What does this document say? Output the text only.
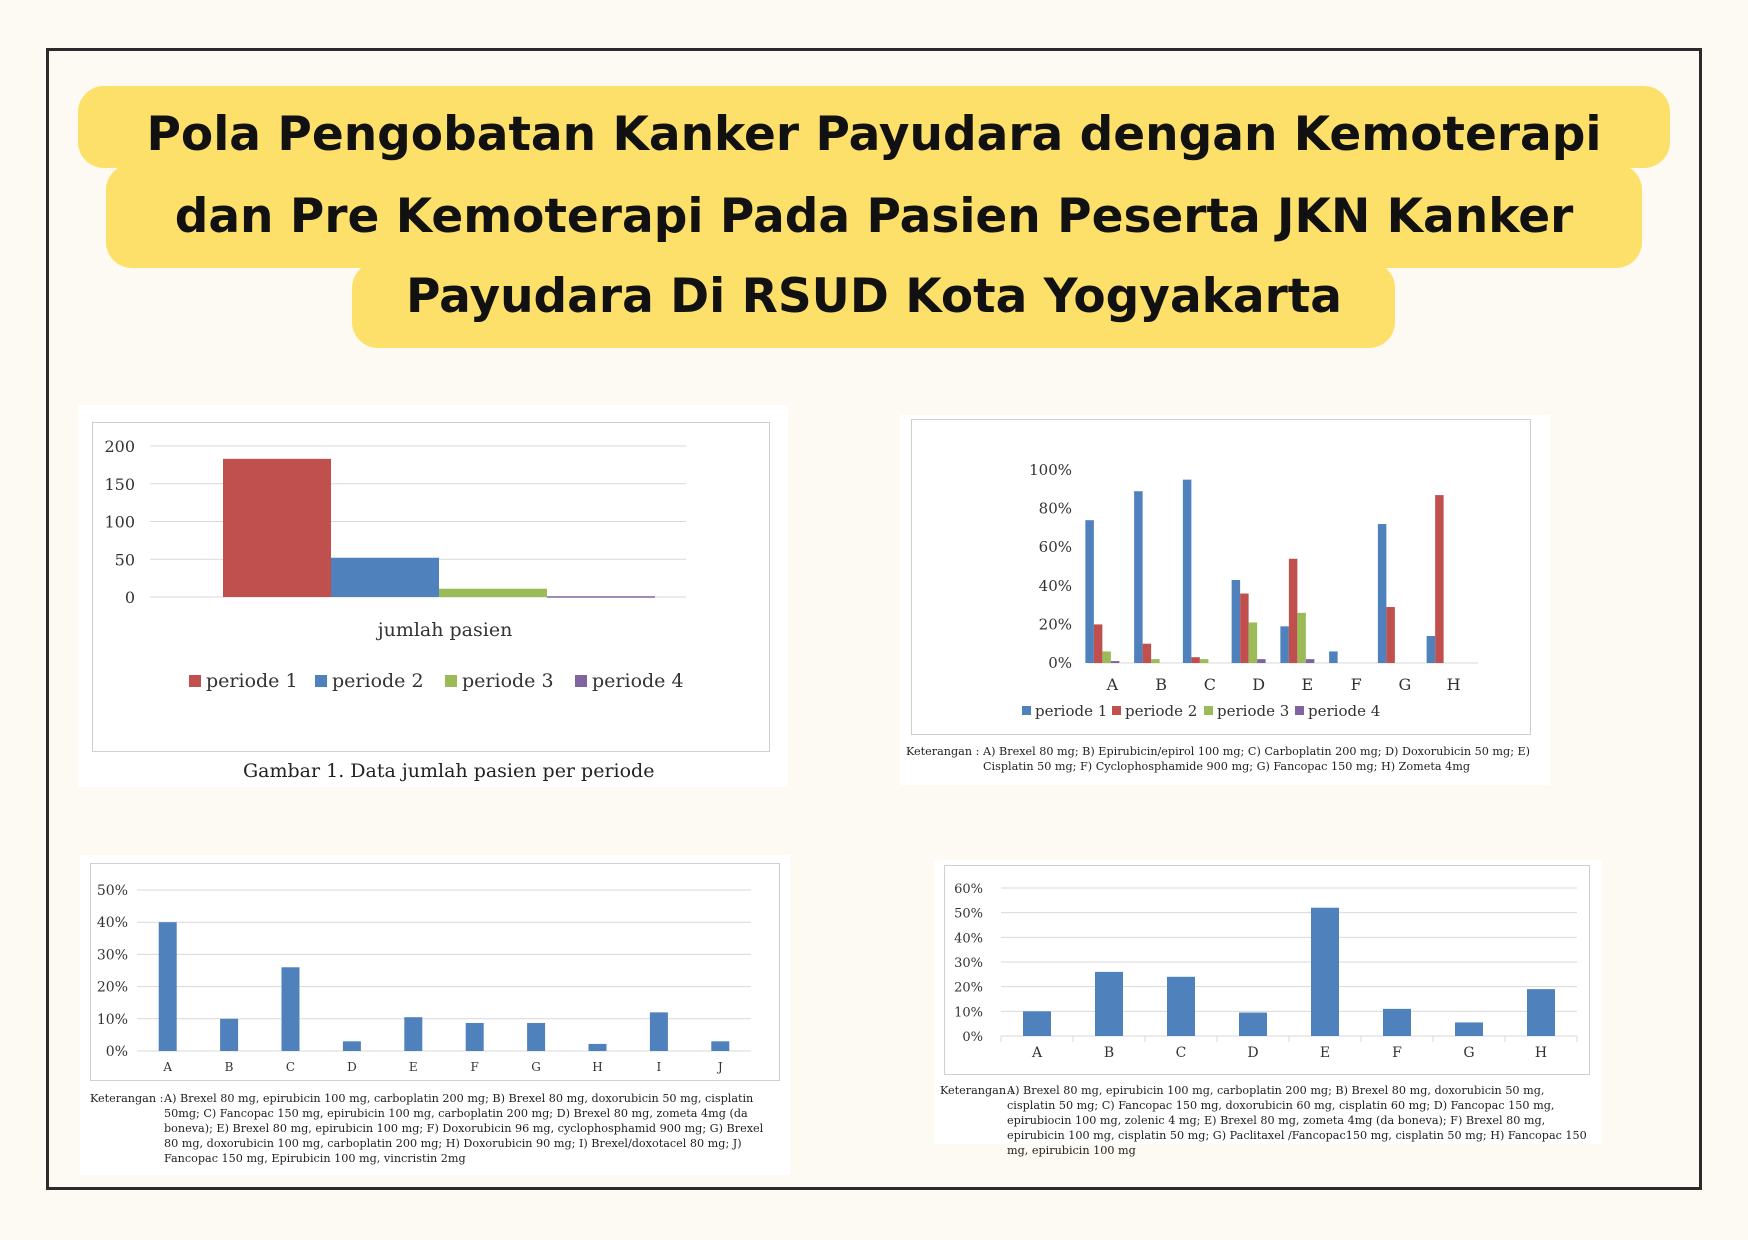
Pola Pengobatan Kanker Payudara dengan Kemoterapi
dan Pre Kemoterapi Pada Pasien Peserta JKN Kanker
Payudara Di RSUD Kota Yogyakarta
0
50
100
150
200
jumlah pasien
periode 1 periode 2 periode 3 periode 4
Gambar 1. Data jumlah pasien per periode
0%
20%
40%
60%
80%
100%
A B C D E F G H
periode 1 periode 2 periode 3 periode 4
Keterangan : A) Brexel 80 mg; B) Epirubicin/epirol 100 mg; C) Carboplatin 200 mg; D) Doxorubicin 50 mg; E) Cisplatin 50 mg; F) Cyclophosphamide 900 mg; G) Fancopac 150 mg; H) Zometa 4mg
0%
10%
20%
30%
40%
50%
A	B	C	D	E	F	G	H	I	J
Keterangan : A) Brexel 80 mg, epirubicin 100 mg, carboplatin 200 mg; B) Brexel 80 mg, doxorubicin 50 mg, cisplatin 50mg; C) Fancopac 150 mg, epirubicin 100 mg, carboplatin 200 mg; D) Brexel 80 mg, zometa 4mg (da boneva); E) Brexel 80 mg, epirubicin 100 mg; F) Doxorubicin 96 mg, cyclophosphamid 900 mg; G) Brexel 80 mg, doxorubicin 100 mg, carboplatin 200 mg; H) Doxorubicin 90 mg; I) Brexel/doxotacel 80 mg; J) Fancopac 150 mg, Epirubicin 100 mg, vincristin 2mg
0%
10%
20%
30%
40%
50%
60%
A	B	C	D	E	F	G	H
Keterangan :
A) Brexel 80 mg, epirubicin 100 mg, carboplatin 200 mg; B) Brexel 80 mg, doxorubicin 50 mg, cisplatin 50 mg; C) Fancopac 150 mg, doxorubicin 60 mg, cisplatin 60 mg; D) Fancopac 150 mg, epirubiocin 100 mg, zolenic 4 mg; E) Brexel 80 mg, zometa 4mg (da boneva); F) Brexel 80 mg, epirubicin 100 mg, cisplatin 50 mg; G) Paclitaxel /Fancopac150 mg, cisplatin 50 mg; H) Fancopac 150 mg, epirubicin 100 mg
